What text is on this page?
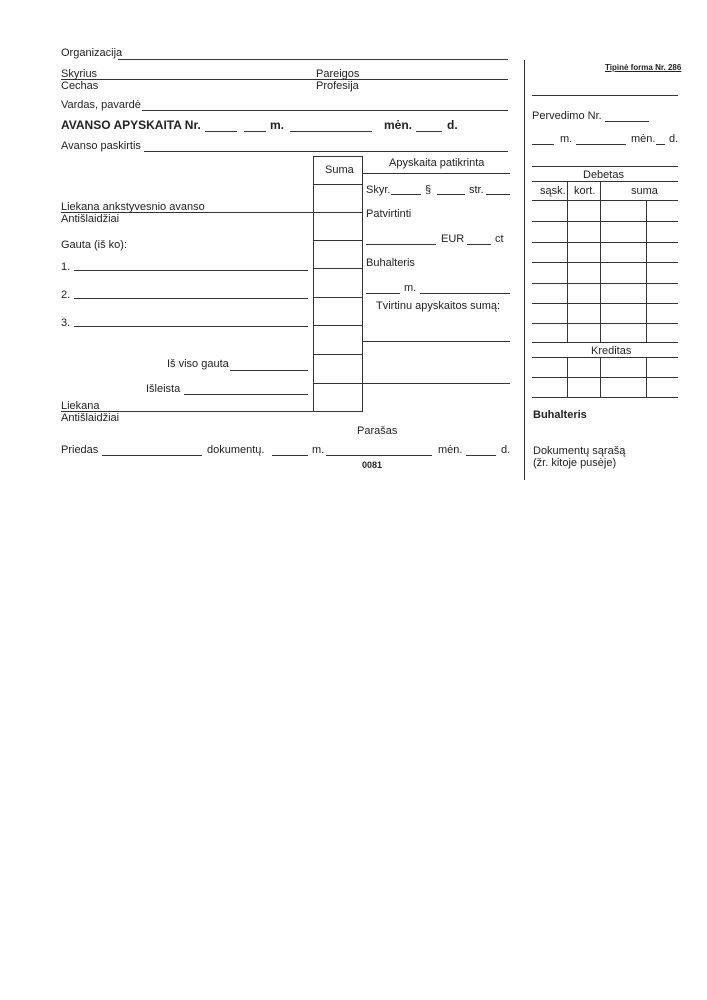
Organizacija
Skyrius	Pareigos
Cechas	Profesija
Vardas, pavardė
AVANSO APYSKAITA Nr.	m.	mėn.	d.
Avanso paskirtis
Suma
Liekana ankstyvesnio avanso
Antišlaidžiai
Gauta (iš ko):
1.
2.
3.
Iš viso gauta
Išleista
Liekana
Antišlaidžiai
Apyskaita patikrinta
Skyr.	§	str.
Patvirtinti
EUR	ct
Buhalteris
m.
Tvirtinu apyskaitos sumą:
Parašas
Priedas	dokumentų.	m.	mėn.	d.
0081
Tipinė forma Nr. 286
Pervedimo Nr.
m.	mėn. d.
Debetas
sąsk. kort.	suma
Kreditas
Buhalteris
Dokumentų sąrašą
(žr. kitoje pusėje)
